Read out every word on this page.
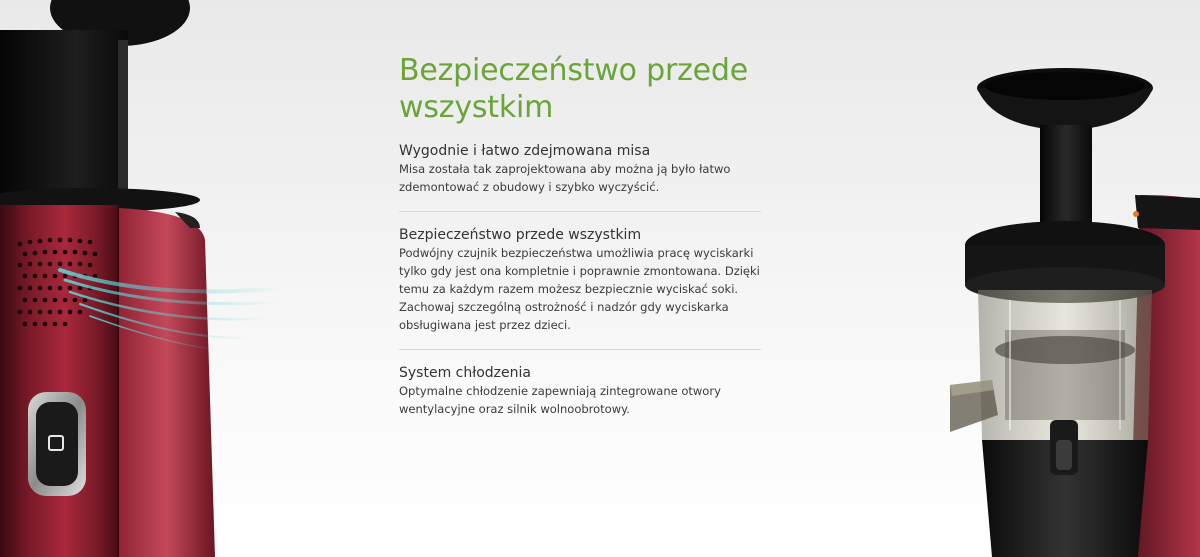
Bezpieczeństwo przede wszystkim
Wygodnie i łatwo zdejmowana misa

Misa została tak zaprojektowana aby można ją było łatwo zdemontować z obudowy i szybko wyczyścić.

Bezpieczeństwo przede wszystkim

Podwójny czujnik bezpieczeństwa umożliwia pracę wyciskarki tylko gdy jest ona kompletnie i poprawnie zmontowana. Dzięki temu za każdym razem możesz bezpiecznie wyciskać soki. Zachowaj szczególną ostrożność i nadzór gdy wyciskarka obsługiwana jest przez dzieci.

System chłodzenia

Optymalne chłodzenie zapewniają zintegrowane otwory wentylacyjne oraz silnik wolnoobrotowy.
